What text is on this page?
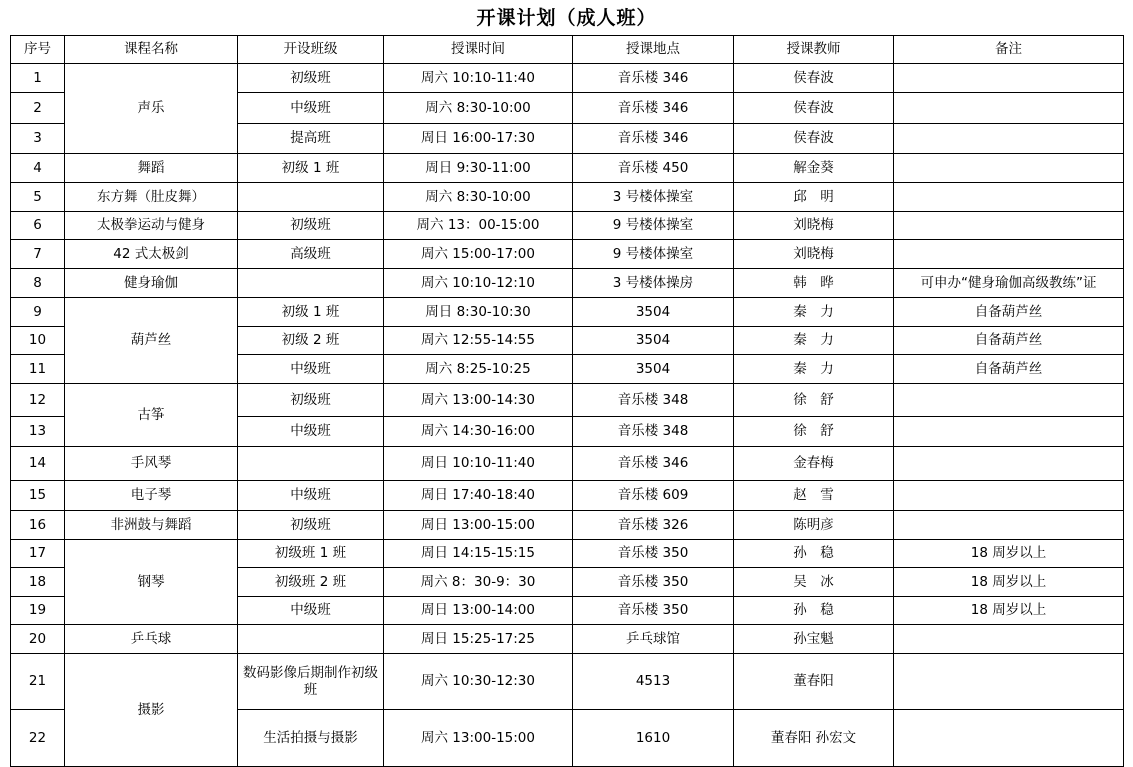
开课计划（成人班）
序号	课程名称	开设班级	授课时间	授课地点	授课教师	备注
1	声乐	初级班	周六 10:10-11:40	音乐楼 346	侯春波	
2		中级班	周六 8:30-10:00	音乐楼 346	侯春波	
3		提高班	周日 16:00-17:30	音乐楼 346	侯春波	
4	舞蹈	初级 1 班	周日 9:30-11:00	音乐楼 450	解金葵	
5	东方舞（肚皮舞）		周六 8:30-10:00	3 号楼体操室	邱　明	
6	太极拳运动与健身	初级班	周六 13：00-15:00	9 号楼体操室	刘晓梅	
7	42 式太极剑	高级班	周六 15:00-17:00	9 号楼体操室	刘晓梅	
8	健身瑜伽		周六 10:10-12:10	3 号楼体操房	韩　晔	可申办“健身瑜伽高级教练”证
9	葫芦丝	初级 1 班	周日 8:30-10:30	3504	秦　力	自备葫芦丝
10		初级 2 班	周六 12:55-14:55	3504	秦　力	自备葫芦丝
11		中级班	周六 8:25-10:25	3504	秦　力	自备葫芦丝
12	古筝	初级班	周六 13:00-14:30	音乐楼 348	徐　舒	
13		中级班	周六 14:30-16:00	音乐楼 348	徐　舒	
14	手风琴		周日 10:10-11:40	音乐楼 346	金春梅	
15	电子琴	中级班	周日 17:40-18:40	音乐楼 609	赵　雪	
16	非洲鼓与舞蹈	初级班	周日 13:00-15:00	音乐楼 326	陈明彦	
17	钢琴	初级班 1 班	周日 14:15-15:15	音乐楼 350	孙　稳	18 周岁以上
18		初级班 2 班	周六 8：30-9：30	音乐楼 350	吴　冰	18 周岁以上
19		中级班	周日 13:00-14:00	音乐楼 350	孙　稳	18 周岁以上
20	乒乓球		周日 15:25-17:25	乒乓球馆	孙宝魁	
21	摄影	数码影像后期制作初级班	周六 10:30-12:30	4513	董春阳	
22		生活拍摄与摄影	周六 13:00-15:00	1610	董春阳 孙宏文	
